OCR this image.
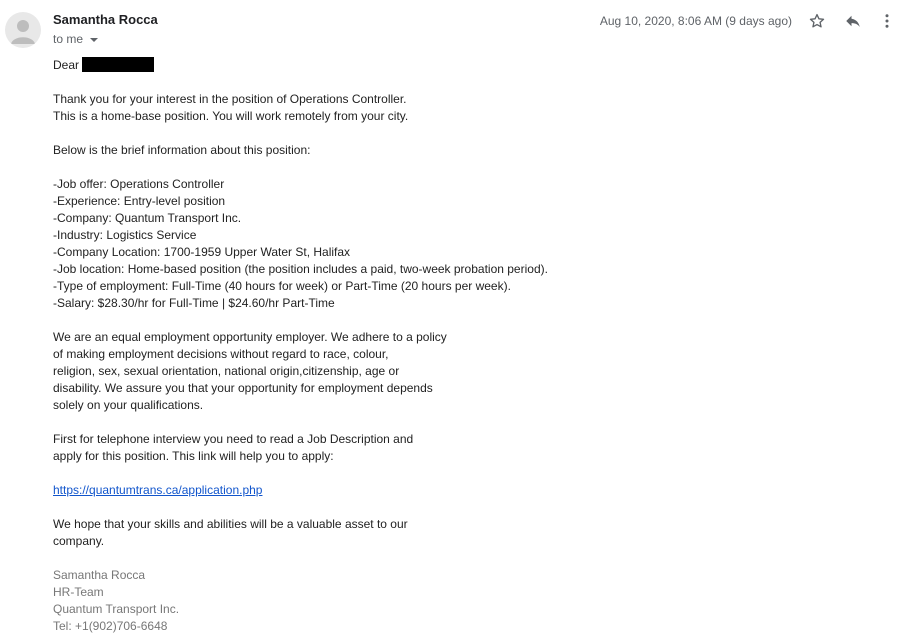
Samantha Rocca
to me
Aug 10, 2020, 8:06 AM (9 days ago)

Dear

Thank you for your interest in the position of Operations Controller.

This is a home-base position. You will work remotely from your city.

Below is the brief information about this position:

-Job offer: Operations Controller

-Experience: Entry-level position

-Company: Quantum Transport Inc.

-Industry: Logistics Service

-Company Location: 1700-1959 Upper Water St, Halifax

-Job location: Home-based position (the position includes a paid, two-week probation period).

-Type of employment: Full-Time (40 hours for week) or Part-Time (20 hours per week).

-Salary: $28.30/hr for Full-Time | $24.60/hr Part-Time

We are an equal employment opportunity employer. We adhere to a policy

of making employment decisions without regard to race, colour,

religion, sex, sexual orientation, national origin,citizenship, age or

disability. We assure you that your opportunity for employment depends

solely on your qualifications.

First for telephone interview you need to read a Job Description and

apply for this position. This link will help you to apply:

https://quantumtrans.ca/application.php

We hope that your skills and abilities will be a valuable asset to our

company.

Samantha Rocca

HR-Team

Quantum Transport Inc.

Tel: +1(902)706-6648
